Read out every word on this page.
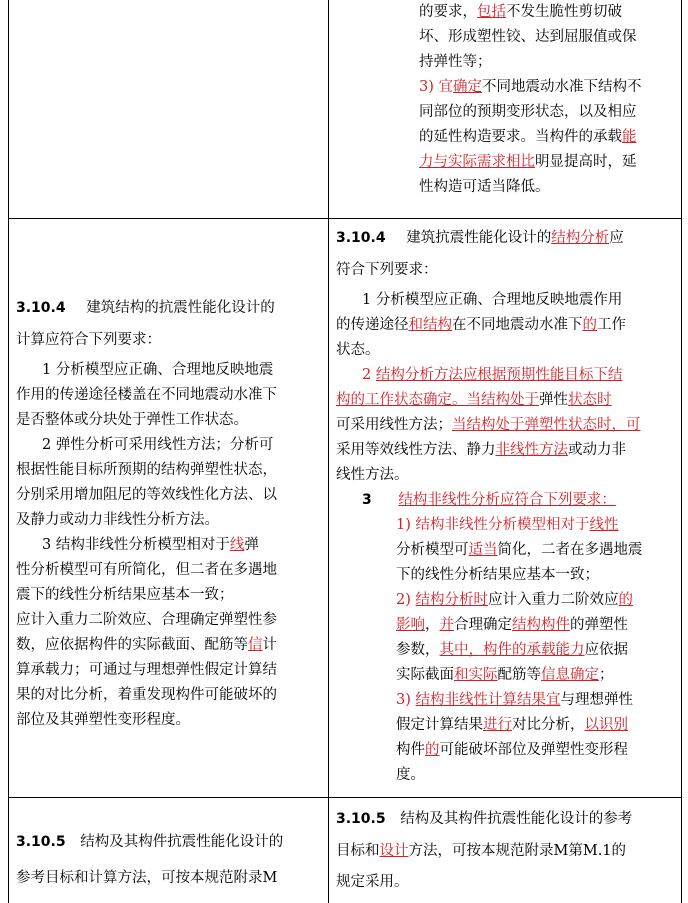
的要求，包括不发生脆性剪切破
坏、形成塑性铰、达到屈服值或保
持弹性等；
3) 宜确定不同地震动水准下结构不
同部位的预期变形状态，以及相应
的延性构造要求。当构件的承载能
力与实际需求相比明显提高时，延
性构造可适当降低。

3.10.4 建筑结构的抗震性能化设计的

计算应符合下列要求：

1 分析模型应正确、合理地反映地震
作用的传递途径楼盖在不同地震动水准下
是否整体或分块处于弹性工作状态。
2 弹性分析可采用线性方法；分析可
根据性能目标所预期的结构弹塑性状态，
分别采用增加阻尼的等效线性化方法、以
及静力或动力非线性分析方法。
3 结构非线性分析模型相对于线弹
性分析模型可有所简化，但二者在多遇地
震下的线性分析结果应基本一致；
应计入重力二阶效应、合理确定弹塑性参
数，应依据构件的实际截面、配筋等信计
算承载力；可通过与理想弹性假定计算结
果的对比分析，着重发现构件可能破坏的
部位及其弹塑性变形程度。

3.10.4 建筑抗震性能化设计的结构分析应

符合下列要求：

1 分析模型应正确、合理地反映地震作用
的传递途径和结构在不同地震动水准下的工作
状态。
2 结构分析方法应根据预期性能目标下结
构的工作状态确定。当结构处于弹性状态时
可采用线性方法；当结构处于弹塑性状态时，可
采用等效线性方法、静力非线性方法或动力非
线性方法。

3 结构非线性分析应符合下列要求：

1) 结构非线性分析模型相对于线性
分析模型可适当简化，二者在多遇地震
下的线性分析结果应基本一致；
2) 结构分析时应计入重力二阶效应的
影响，并合理确定结构构件的弹塑性
参数，其中，构件的承载能力应依据
实际截面和实际配筋等信息确定；
3) 结构非线性计算结果宜与理想弹性
假定计算结果进行对比分析，以识别
构件的可能破坏部位及弹塑性变形程
度。

3.10.5 结构及其构件抗震性能化设计的

参考目标和计算方法，可按本规范附录M

3.10.5 结构及其构件抗震性能化设计的参考

目标和设计方法，可按本规范附录M第M.1的

规定采用。
